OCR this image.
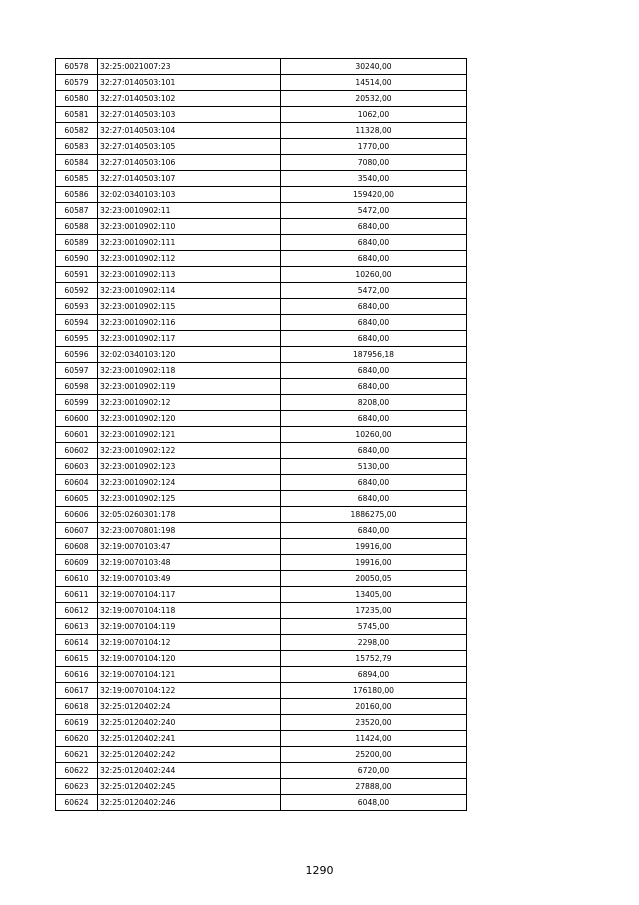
60578	32:25:0021007:23	30240,00
60579	32:27:0140503:101	14514,00
60580	32:27:0140503:102	20532,00
60581	32:27:0140503:103	1062,00
60582	32:27:0140503:104	11328,00
60583	32:27:0140503:105	1770,00
60584	32:27:0140503:106	7080,00
60585	32:27:0140503:107	3540,00
60586	32:02:0340103:103	159420,00
60587	32:23:0010902:11	5472,00
60588	32:23:0010902:110	6840,00
60589	32:23:0010902:111	6840,00
60590	32:23:0010902:112	6840,00
60591	32:23:0010902:113	10260,00
60592	32:23:0010902:114	5472,00
60593	32:23:0010902:115	6840,00
60594	32:23:0010902:116	6840,00
60595	32:23:0010902:117	6840,00
60596	32:02:0340103:120	187956,18
60597	32:23:0010902:118	6840,00
60598	32:23:0010902:119	6840,00
60599	32:23:0010902:12	8208,00
60600	32:23:0010902:120	6840,00
60601	32:23:0010902:121	10260,00
60602	32:23:0010902:122	6840,00
60603	32:23:0010902:123	5130,00
60604	32:23:0010902:124	6840,00
60605	32:23:0010902:125	6840,00
60606	32:05:0260301:178	1886275,00
60607	32:23:0070801:198	6840,00
60608	32:19:0070103:47	19916,00
60609	32:19:0070103:48	19916,00
60610	32:19:0070103:49	20050,05
60611	32:19:0070104:117	13405,00
60612	32:19:0070104:118	17235,00
60613	32:19:0070104:119	5745,00
60614	32:19:0070104:12	2298,00
60615	32:19:0070104:120	15752,79
60616	32:19:0070104:121	6894,00
60617	32:19:0070104:122	176180,00
60618	32:25:0120402:24	20160,00
60619	32:25:0120402:240	23520,00
60620	32:25:0120402:241	11424,00
60621	32:25:0120402:242	25200,00
60622	32:25:0120402:244	6720,00
60623	32:25:0120402:245	27888,00
60624	32:25:0120402:246	6048,00
1290
